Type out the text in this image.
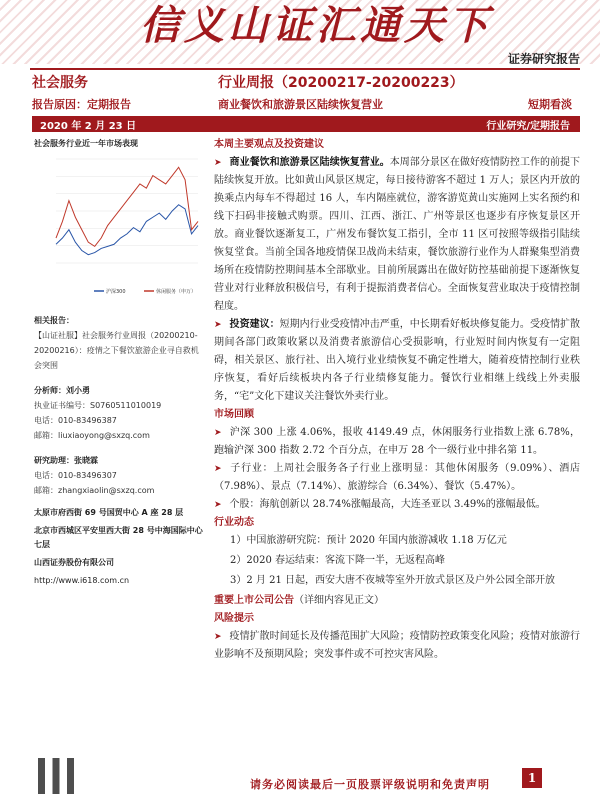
信义山证汇通天下
证券研究报告
社会服务	行业周报（20200217-20200223）
报告原因：定期报告	商业餐饮和旅游景区陆续恢复营业	短期看淡
2020 年 2 月 23 日	行业研究/定期报告
社会服务行业近一年市场表现
沪深300	休闲服务（申万）
相关报告：
【山证社服】社会服务行业周报（20200210-20200216）：疫情之下餐饮旅游企业寻自救机会突围
分析师：刘小勇
执业证书编号：S0760511010019
电话：010-83496387
邮箱：liuxiaoyong@sxzq.com
研究助理：张晓霖
电话：010-83496307
邮箱：zhangxiaolin@sxzq.com
太原市府西街 69 号国贸中心 A 座 28 层
北京市西城区平安里西大街 28 号中海国际中心七层
山西证券股份有限公司
http://www.i618.com.cn

本周主要观点及投资建议

➤ 商业餐饮和旅游景区陆续恢复营业。本周部分景区在做好疫情防控工作的前提下陆续恢复开放。比如黄山风景区规定，每日接待游客不超过 1 万人；景区内开放的换乘点内每车不得超过 16 人，车内隔座就位，游客游览黄山实施网上实名预约和线下扫码非接触式购票。四川、江西、浙江、广州等景区也逐步有序恢复景区开放。商业餐饮逐渐复工，广州发布餐饮复工指引，全市 11 区可按照等级指引陆续恢复堂食。当前全国各地疫情保卫战尚未结束，餐饮旅游行业作为人群聚集型消费场所在疫情防控期间基本全部歇业。目前所展露出在做好防控基础前提下逐渐恢复营业对行业释放积极信号，有利于提振消费者信心。全面恢复营业取决于疫情控制程度。

➤ 投资建议：短期内行业受疫情冲击严重，中长期看好板块修复能力。受疫情扩散期间各部门政策收紧以及消费者旅游信心受损影响，行业短时间内恢复有一定阻碍，相关景区、旅行社、出入境行业业绩恢复不确定性增大，随着疫情控制行业秩序恢复，看好后续板块内各子行业绩修复能力。餐饮行业相继上线线上外卖服务，“宅”文化下建议关注餐饮外卖行业。

市场回顾

➤ 沪深 300 上涨 4.06%，报收 4149.49 点，休闲服务行业指数上涨 6.78%，跑输沪深 300 指数 2.72 个百分点，在申万 28 个一级行业中排名第 11。

➤ 子行业：上周社会服务各子行业上涨明显：其他休闲服务（9.09%）、酒店（7.98%）、景点（7.14%）、旅游综合（6.34%）、餐饮（5.47%）。

➤ 个股：海航创新以 28.74%涨幅最高，大连圣亚以 3.49%的涨幅最低。

行业动态

1）中国旅游研究院：预计 2020 年国内旅游减收 1.18 万亿元

2）2020 春运结束：客流下降一半，无返程高峰

3）2 月 21 日起，西安大唐不夜城等室外开放式景区及户外公园全部开放

重要上市公司公告（详细内容见正文）

风险提示

➤ 疫情扩散时间延长及传播范围扩大风险；疫情防控政策变化风险；疫情对旅游行业影响不及预期风险；突发事件或不可控灾害风险。

请务必阅读最后一页股票评级说明和免责声明	1
